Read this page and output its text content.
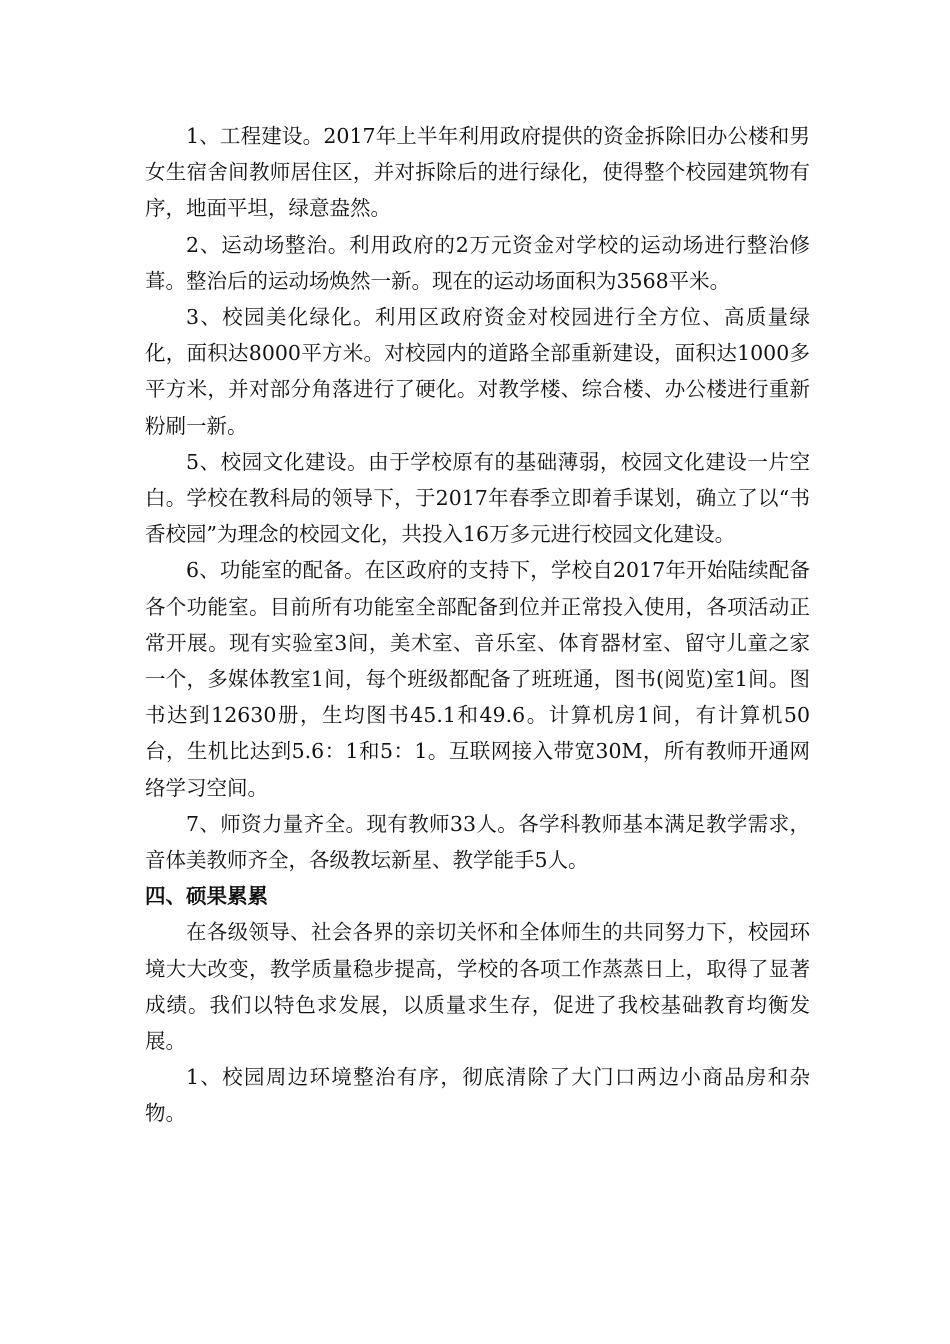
1、工程建设。2017年上半年利用政府提供的资金拆除旧办公楼和男女生宿舍间教师居住区，并对拆除后的进行绿化，使得整个校园建筑物有序，地面平坦，绿意盎然。

2、运动场整治。利用政府的2万元资金对学校的运动场进行整治修葺。整治后的运动场焕然一新。现在的运动场面积为3568平米。

3、校园美化绿化。利用区政府资金对校园进行全方位、高质量绿化，面积达8000平方米。对校园内的道路全部重新建设，面积达1000多平方米，并对部分角落进行了硬化。对教学楼、综合楼、办公楼进行重新粉刷一新。

5、校园文化建设。由于学校原有的基础薄弱，校园文化建设一片空白。学校在教科局的领导下，于2017年春季立即着手谋划，确立了以“书香校园”为理念的校园文化，共投入16万多元进行校园文化建设。

6、功能室的配备。在区政府的支持下，学校自2017年开始陆续配备各个功能室。目前所有功能室全部配备到位并正常投入使用，各项活动正常开展。现有实验室3间，美术室、音乐室、体育器材室、留守儿童之家一个，多媒体教室1间，每个班级都配备了班班通，图书(阅览)室1间。图书达到12630册，生均图书45.1和49.6。计算机房1间，有计算机50台，生机比达到5.6：1和5：1。互联网接入带宽30M，所有教师开通网络学习空间。

7、师资力量齐全。现有教师33人。各学科教师基本满足教学需求，音体美教师齐全，各级教坛新星、教学能手5人。

四、硕果累累

在各级领导、社会各界的亲切关怀和全体师生的共同努力下，校园环境大大改变，教学质量稳步提高，学校的各项工作蒸蒸日上，取得了显著成绩。我们以特色求发展，以质量求生存，促进了我校基础教育均衡发展。

1、校园周边环境整治有序，彻底清除了大门口两边小商品房和杂物。
